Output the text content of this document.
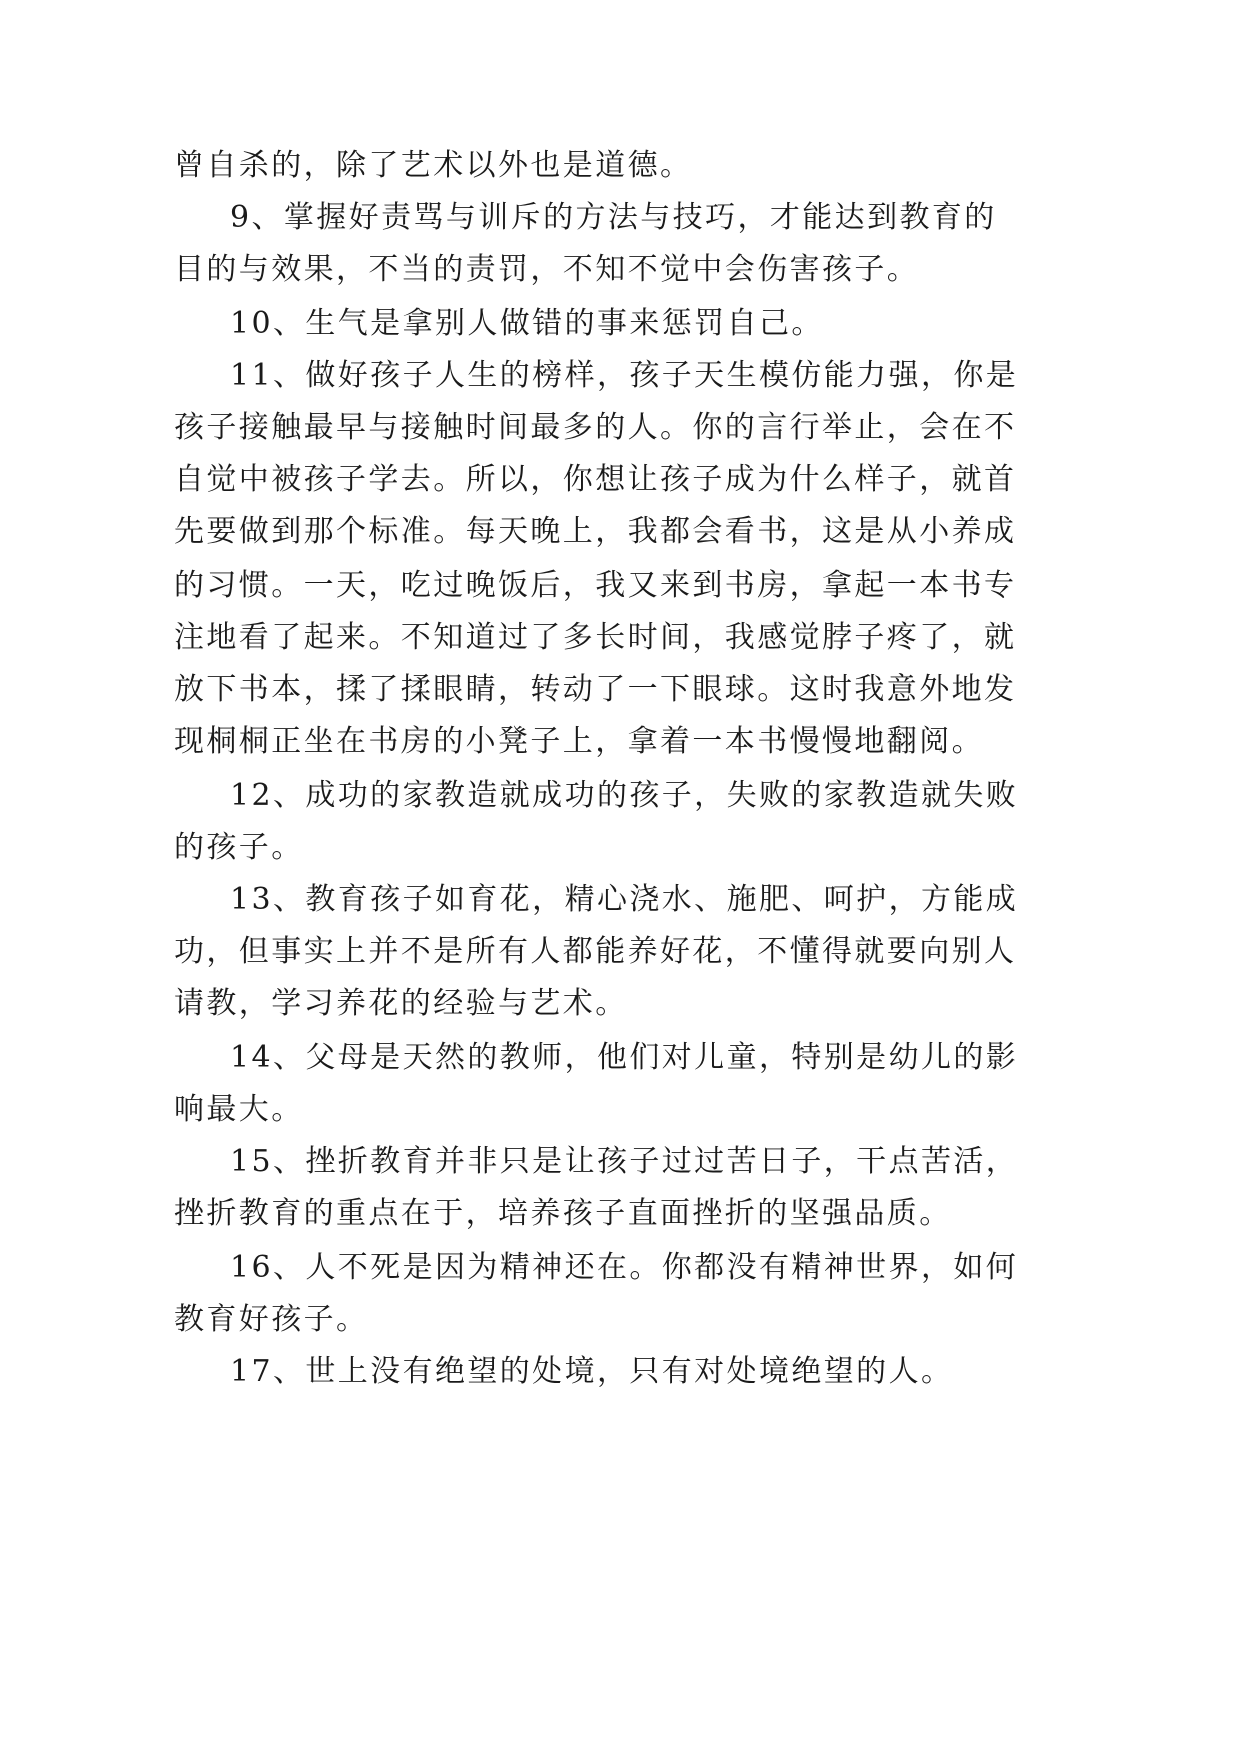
曾自杀的，除了艺术以外也是道德。
9、掌握好责骂与训斥的方法与技巧，才能达到教育的
目的与效果，不当的责罚，不知不觉中会伤害孩子。
10、生气是拿别人做错的事来惩罚自己。
11、做好孩子人生的榜样，孩子天生模仿能力强，你是
孩子接触最早与接触时间最多的人。你的言行举止，会在不
自觉中被孩子学去。所以，你想让孩子成为什么样子，就首
先要做到那个标准。每天晚上，我都会看书，这是从小养成
的习惯。一天，吃过晚饭后，我又来到书房，拿起一本书专
注地看了起来。不知道过了多长时间，我感觉脖子疼了，就
放下书本，揉了揉眼睛，转动了一下眼球。这时我意外地发
现桐桐正坐在书房的小凳子上，拿着一本书慢慢地翻阅。
12、成功的家教造就成功的孩子，失败的家教造就失败
的孩子。
13、教育孩子如育花，精心浇水、施肥、呵护，方能成
功，但事实上并不是所有人都能养好花，不懂得就要向别人
请教，学习养花的经验与艺术。
14、父母是天然的教师，他们对儿童，特别是幼儿的影
响最大。
15、挫折教育并非只是让孩子过过苦日子，干点苦活，
挫折教育的重点在于，培养孩子直面挫折的坚强品质。
16、人不死是因为精神还在。你都没有精神世界，如何
教育好孩子。
17、世上没有绝望的处境，只有对处境绝望的人。
